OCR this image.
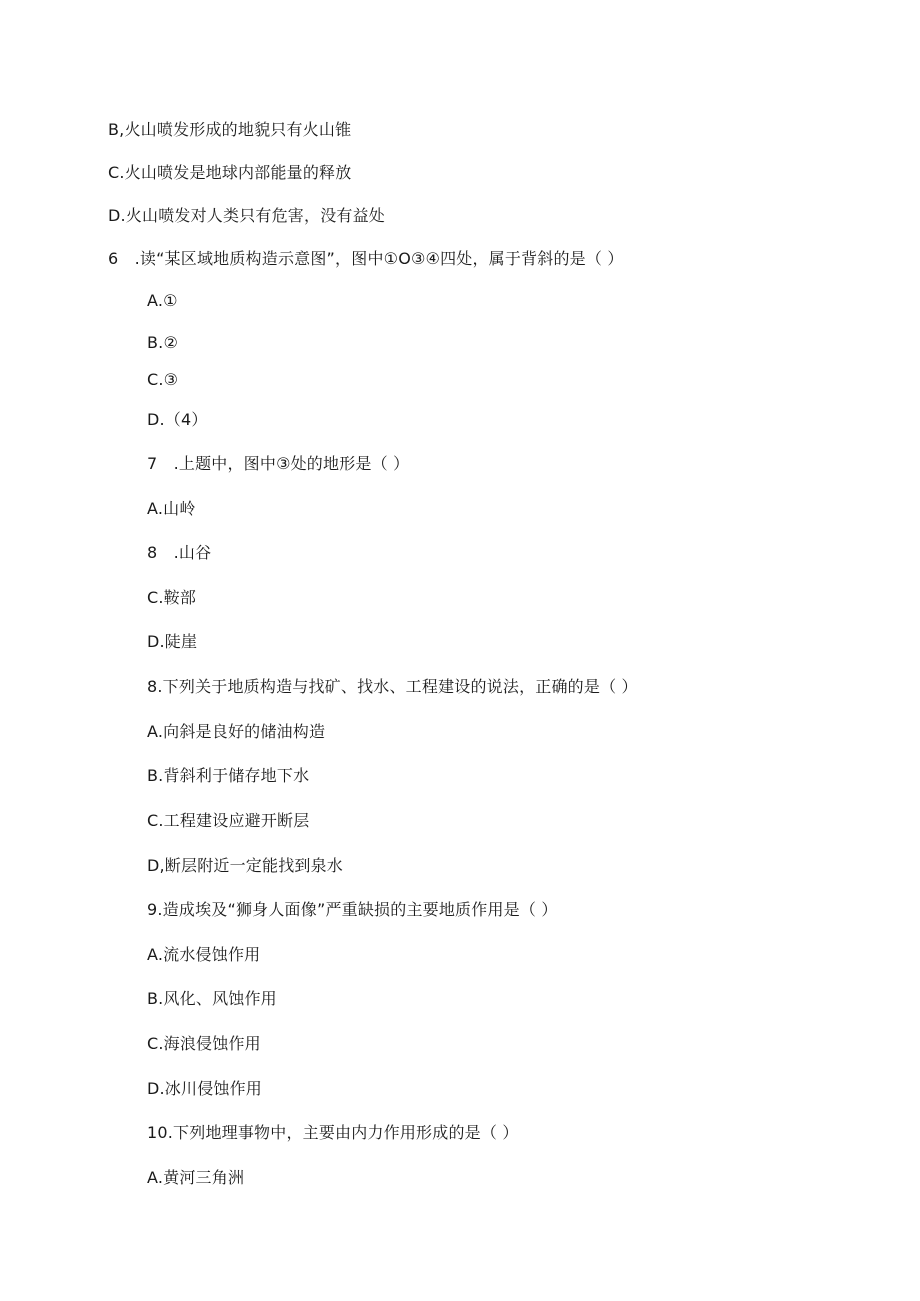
B,火山喷发形成的地貌只有火山锥
C.火山喷发是地球内部能量的释放
D.火山喷发对人类只有危害，没有益处
6　.读“某区域地质构造示意图”，图中①O③④四处，属于背斜的是（ ）
A.①
B.②
C.③
D.（4）
7　.上题中，图中③处的地形是（ ）
A.山岭
8　.山谷
C.鞍部
D.陡崖
8.下列关于地质构造与找矿、找水、工程建设的说法，正确的是（ ）
A.向斜是良好的储油构造
B.背斜利于储存地下水
C.工程建设应避开断层
D,断层附近一定能找到泉水
9.造成埃及“狮身人面像”严重缺损的主要地质作用是（ ）
A.流水侵蚀作用
B.风化、风蚀作用
C.海浪侵蚀作用
D.冰川侵蚀作用
10.下列地理事物中，主要由内力作用形成的是（ ）
A.黄河三角洲
